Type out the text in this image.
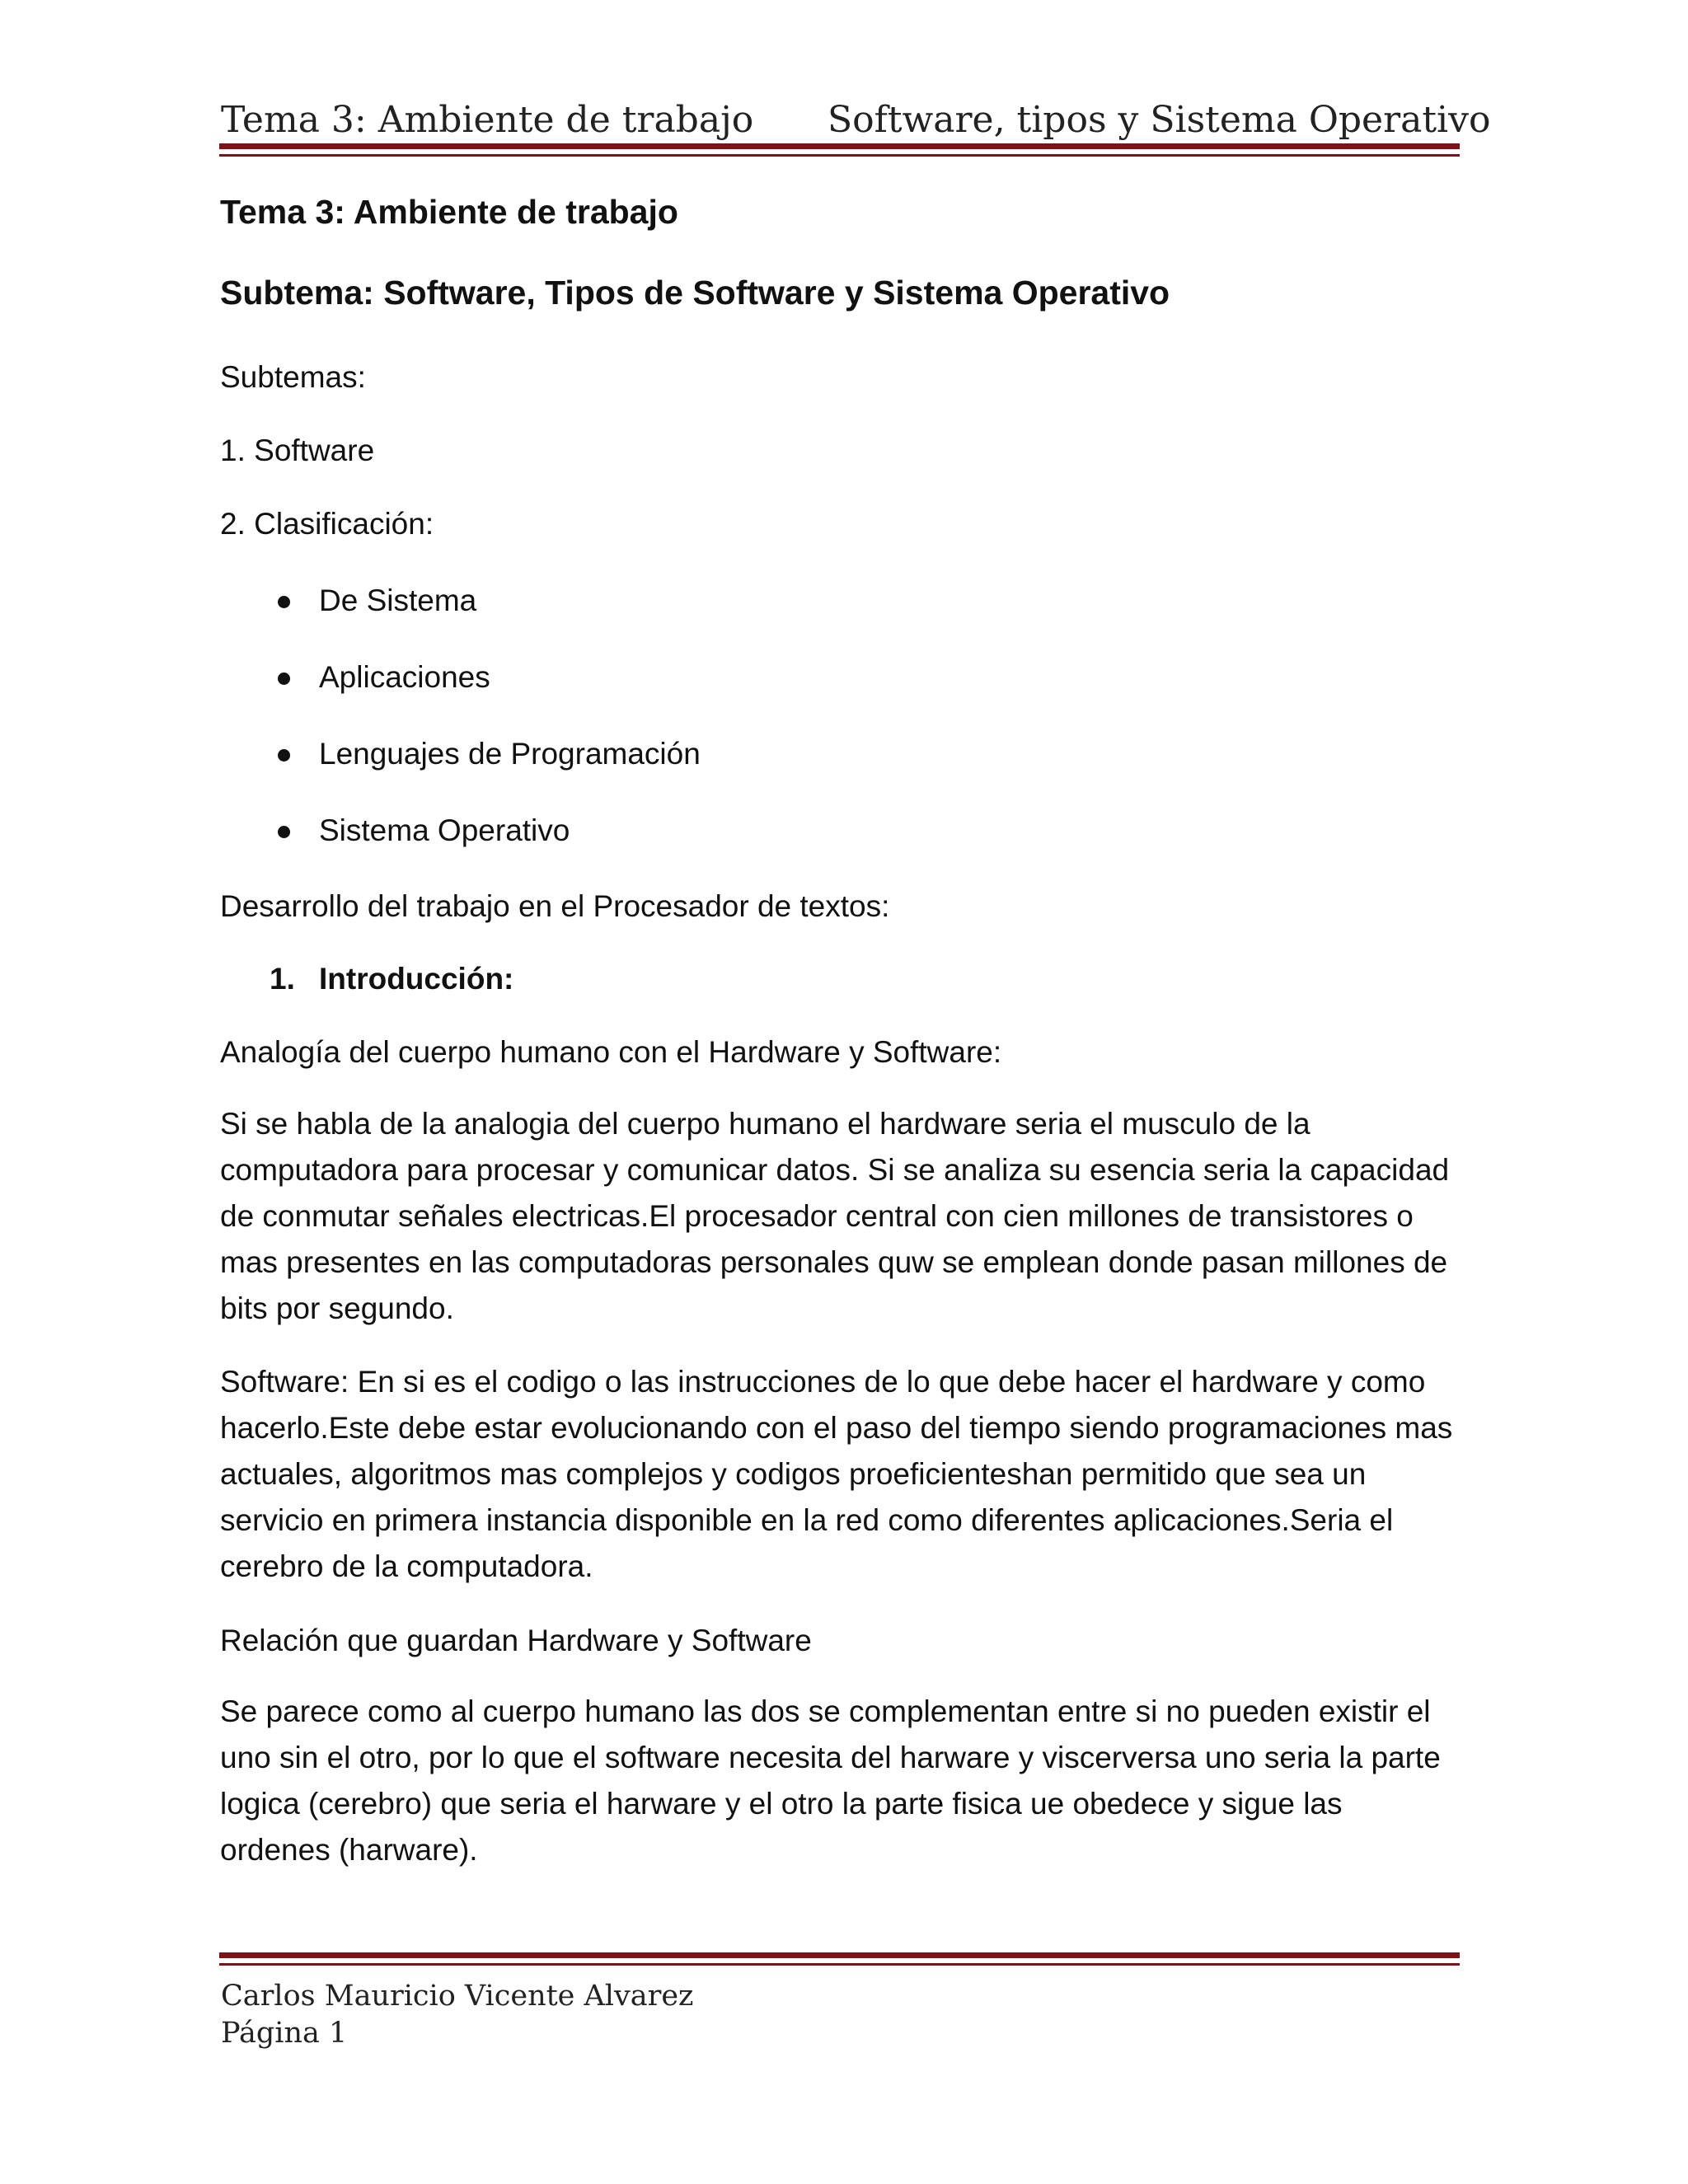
Tema 3: Ambiente de trabajo Software, tipos y Sistema Operativo
Tema 3: Ambiente de trabajo
Subtema: Software, Tipos de Software y Sistema Operativo

Subtemas:

1. Software

2. Clasificación:

De Sistema
Aplicaciones
Lenguajes de Programación
Sistema Operativo

Desarrollo del trabajo en el Procesador de textos:

1. Introducción:

Analogía del cuerpo humano con el Hardware y Software:

Si se habla de la analogia del cuerpo humano el hardware seria el musculo de la computadora para procesar y comunicar datos. Si se analiza su esencia seria la capacidad de conmutar señales electricas.El procesador central con cien millones de transistores o mas presentes en las computadoras personales quw se emplean donde pasan millones de bits por segundo.

Software: En si es el codigo o las instrucciones de lo que debe hacer el hardware y como hacerlo.Este debe estar evolucionando con el paso del tiempo siendo programaciones mas actuales, algoritmos mas complejos y codigos proeficienteshan permitido que sea un servicio en primera instancia disponible en la red como diferentes aplicaciones.Seria el cerebro de la computadora.

Relación que guardan Hardware y Software

Se parece como al cuerpo humano las dos se complementan entre si no pueden existir el uno sin el otro, por lo que el software necesita del harware y viscerversa uno seria la parte logica (cerebro) que seria el harware y el otro la parte fisica ue obedece y sigue las ordenes (harware).

Carlos Mauricio Vicente Alvarez
Página 1
